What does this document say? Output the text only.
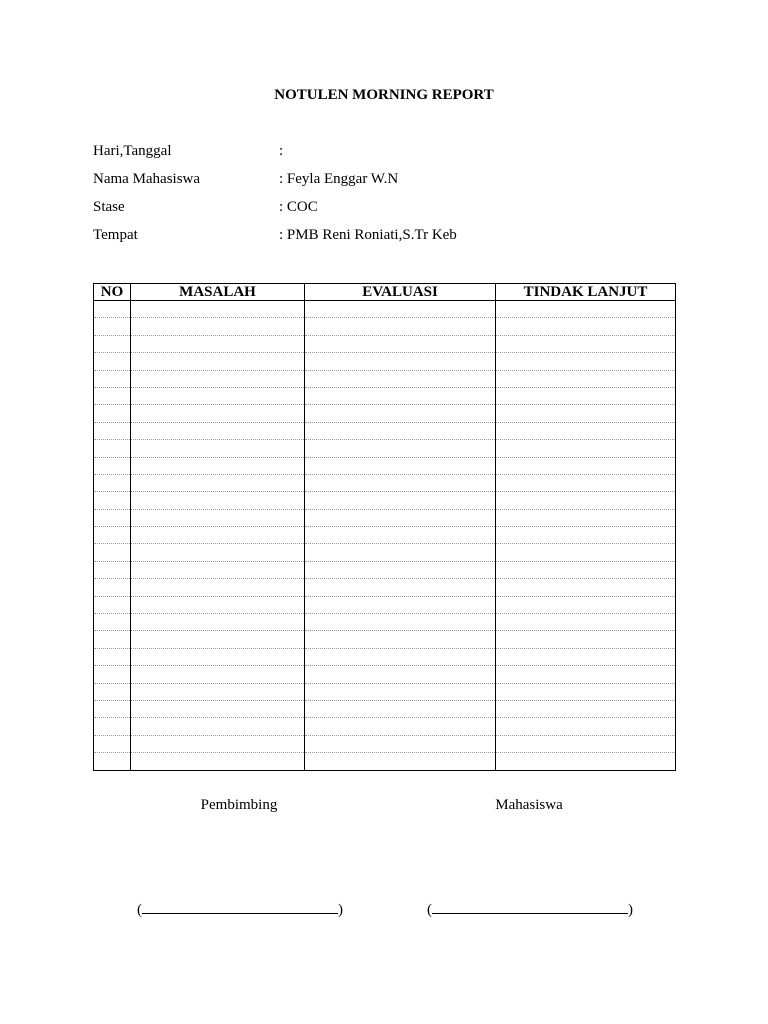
NOTULEN MORNING REPORT
Hari,Tanggal	:
Nama Mahasiswa	: Feyla Enggar W.N
Stase	: COC
Tempat	: PMB Reni Roniati,S.Tr Keb
NO	MASALAH	EVALUASI	TINDAK LANJUT

Pembimbing	Mahasiswa
(	)	(	)
